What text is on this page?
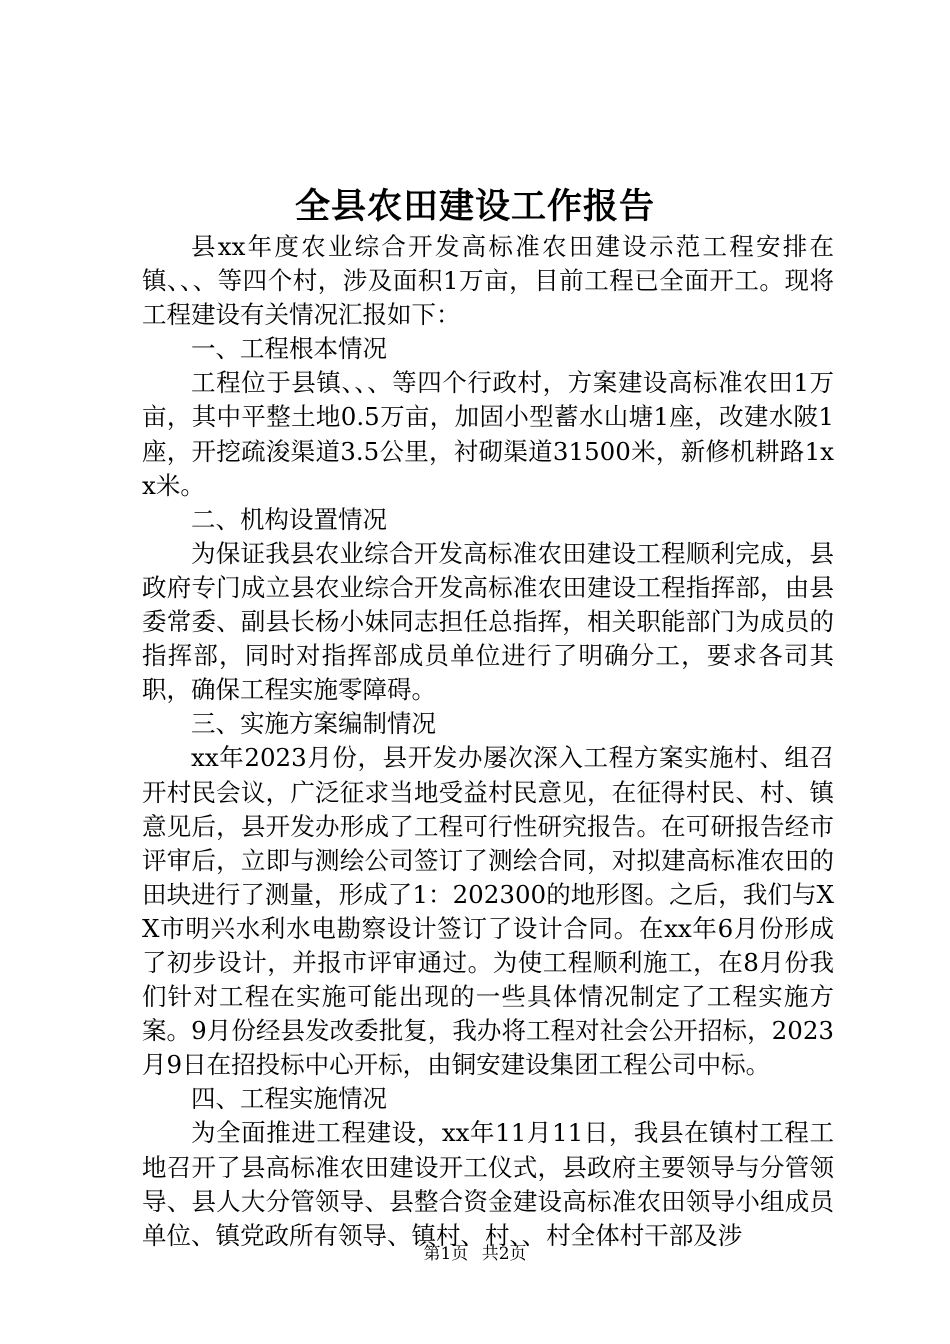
全县农田建设工作报告

县xx年度农业综合开发高标准农田建设示范工程安排在镇、、、等四个村，涉及面积1万亩，目前工程已全面开工。现将工程建设有关情况汇报如下：

一、工程根本情况

工程位于县镇、、、等四个行政村，方案建设高标准农田1万亩，其中平整土地0.5万亩，加固小型蓄水山塘1座，改建水陂1座，开挖疏浚渠道3.5公里，衬砌渠道31500米，新修机耕路1xx米。

二、机构设置情况

为保证我县农业综合开发高标准农田建设工程顺利完成，县政府专门成立县农业综合开发高标准农田建设工程指挥部，由县委常委、副县长杨小妹同志担任总指挥，相关职能部门为成员的指挥部，同时对指挥部成员单位进行了明确分工，要求各司其职，确保工程实施零障碍。

三、实施方案编制情况

xx年2023月份，县开发办屡次深入工程方案实施村、组召开村民会议，广泛征求当地受益村民意见，在征得村民、村、镇意见后，县开发办形成了工程可行性研究报告。在可研报告经市评审后，立即与测绘公司签订了测绘合同，对拟建高标准农田的田块进行了测量，形成了1：202300的地形图。之后，我们与XX市明兴水利水电勘察设计签订了设计合同。在xx年6月份形成了初步设计，并报市评审通过。为使工程顺利施工，在8月份我们针对工程在实施可能出现的一些具体情况制定了工程实施方案。9月份经县发改委批复，我办将工程对社会公开招标，2023月9日在招投标中心开标，由铜安建设集团工程公司中标。

四、工程实施情况

为全面推进工程建设，xx年11月11日，我县在镇村工程工地召开了县高标准农田建设开工仪式，县政府主要领导与分管领导、县人大分管领导、县整合资金建设高标准农田领导小组成员单位、镇党政所有领导、镇村、村、、村全体村干部及涉

第1页 共2页
